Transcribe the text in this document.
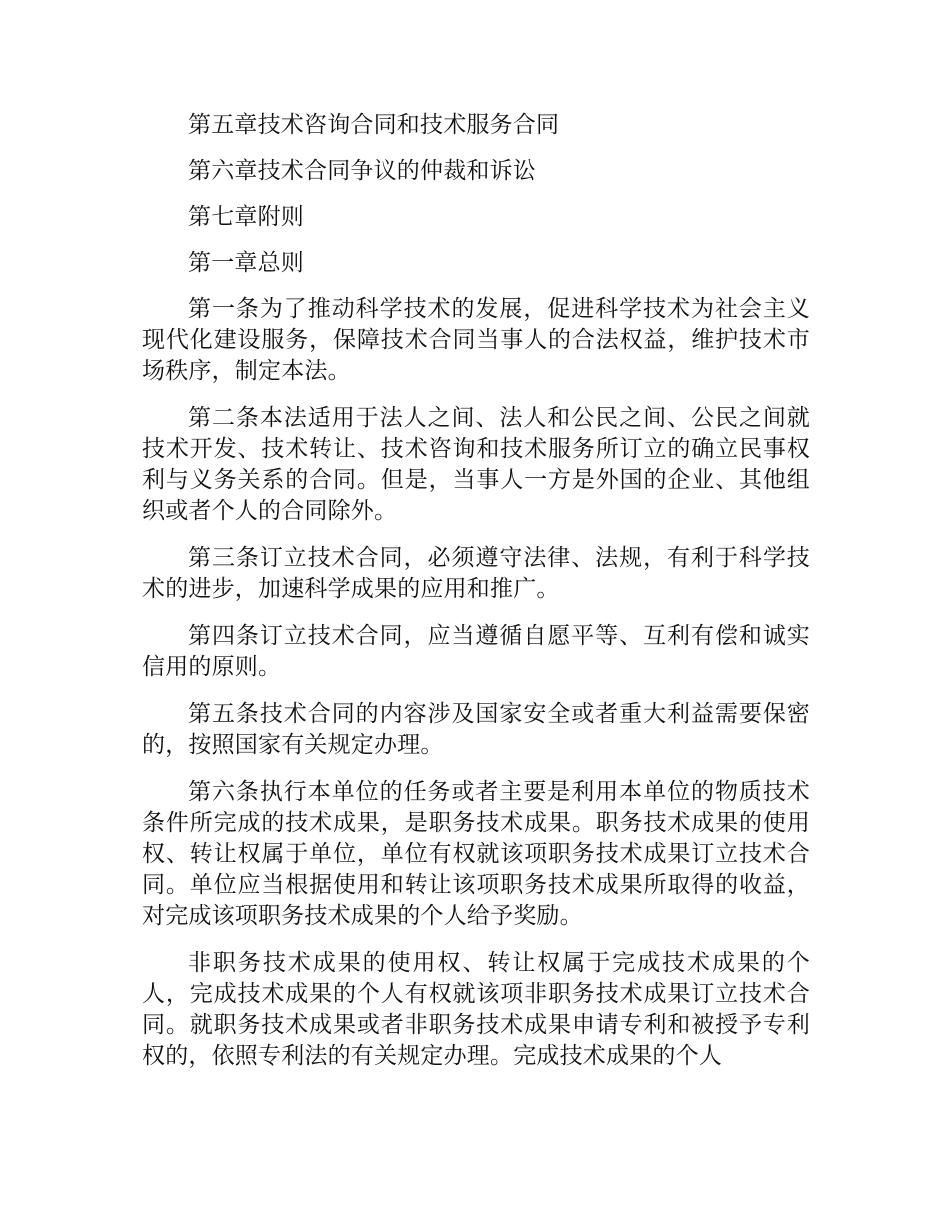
第五章技术咨询合同和技术服务合同

第六章技术合同争议的仲裁和诉讼

第七章附则

第一章总则

第一条为了推动科学技术的发展，促进科学技术为社会主义现代化建设服务，保障技术合同当事人的合法权益，维护技术市场秩序，制定本法。

第二条本法适用于法人之间、法人和公民之间、公民之间就技术开发、技术转让、技术咨询和技术服务所订立的确立民事权利与义务关系的合同。但是，当事人一方是外国的企业、其他组织或者个人的合同除外。

第三条订立技术合同，必须遵守法律、法规，有利于科学技术的进步，加速科学成果的应用和推广。

第四条订立技术合同，应当遵循自愿平等、互利有偿和诚实信用的原则。

第五条技术合同的内容涉及国家安全或者重大利益需要保密的，按照国家有关规定办理。

第六条执行本单位的任务或者主要是利用本单位的物质技术条件所完成的技术成果，是职务技术成果。职务技术成果的使用权、转让权属于单位，单位有权就该项职务技术成果订立技术合同。单位应当根据使用和转让该项职务技术成果所取得的收益，对完成该项职务技术成果的个人给予奖励。

非职务技术成果的使用权、转让权属于完成技术成果的个人，完成技术成果的个人有权就该项非职务技术成果订立技术合同。就职务技术成果或者非职务技术成果申请专利和被授予专利权的，依照专利法的有关规定办理。完成技术成果的个人
